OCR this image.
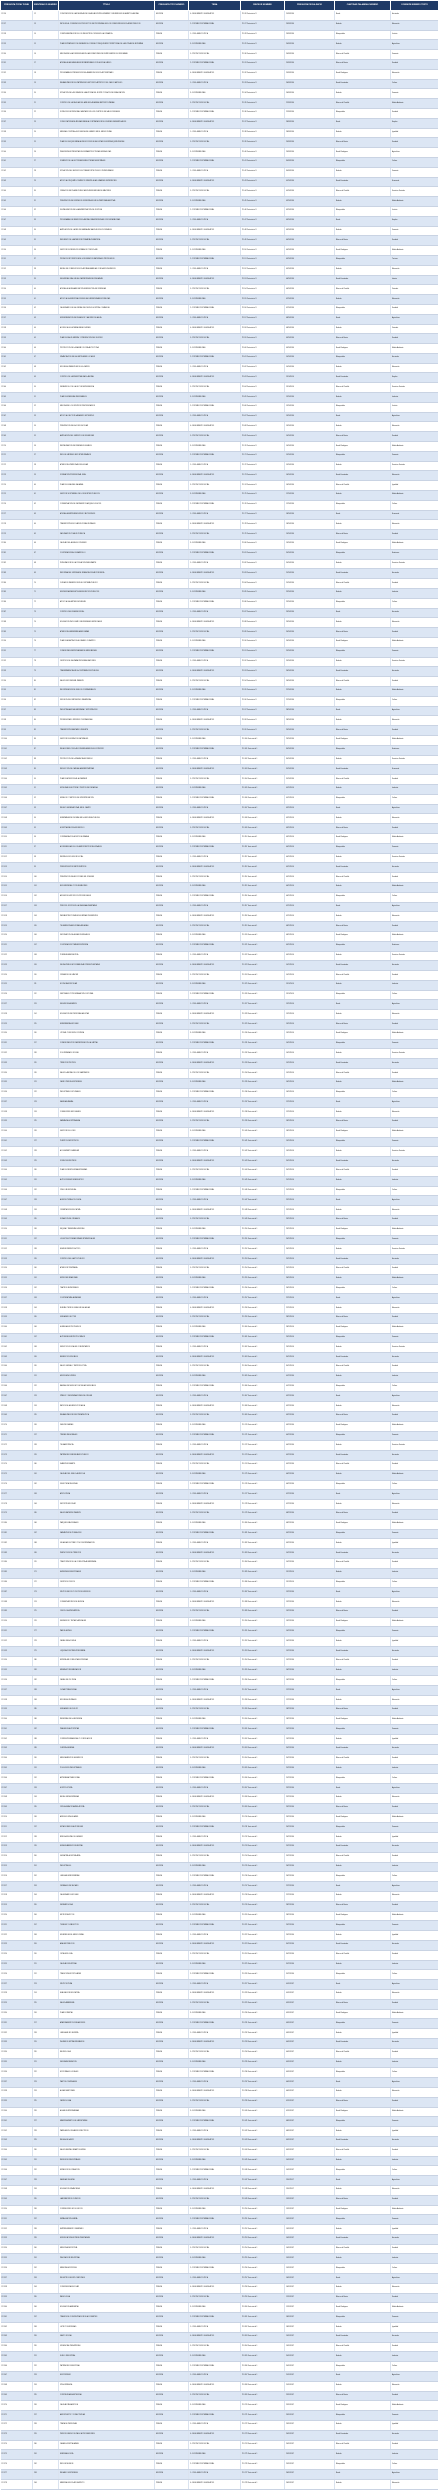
PREGUNTA PCPAV FUSIB	IDENTIDAD ID NUMERO	TÍTULO	PREGUNTA TIPO NUMERO	TEMA	REVISOR NOMBRE	PREGUNTA FECHA INICIO	CANTIDAD PALABRAS NÚMERO	COMISIÓN NÚMERO TEXTO
PC-26	12	CONCRECION DE LAS MEDIDAS DE IGUALDAD ENTRE HOMBRES Y MUJERES EN EL AMBITO LABORAL	ESCRITA	4 - SEGUIMIENTO LEGISLATIVO	PC-26 Texto inicial 1	21/09/2016	Barak	Hacienda
PC-27	13	IMPULSO AL CONSUMO DE PRODUCTOS DE PROXIMIDAD EN LOS COMEDORES ESCOLARES PUBLICOS	ESCRITA	2 - PORTAVOZ INTERNACIONAL	PC-27 Texto inicial 1	23/09/2016	Bolardo	Educación
PC-28	14	COMPLEMENTACION DE LOS REGISTROS CIVILES EN LA COMARCA	PREVIA	1 - CDIG-EEN-POLITICA	PC-28 Texto inicial 1	23/09/2016	Blanquelabo	Justicia
PC-29	15	PLAN ESTRATEGICO DE DESARROLLO RURAL Y REEQUILIBRIO TERRITORIAL DE LAS ZONAS DE MONTAÑA	ESCRITA	3 - SOSTENIBILIDAD	PC-29 Texto inicial 1	24/09/2016	Bolardo	Agricultura
PC-30	16	MEJORA DE LA ACCESIBILIDAD EN LAS ESTACIONES DE FERROCARRIL DE CERCANIAS	PREVIA	5 - PROTECCION SOCIAL	PC-30 Texto inicial 1	24/09/2016	Blanca del Castillo	Fomento
PC-31	17	AYUDAS A LAS FAMILIAS MONOPARENTALES CON HIJOS A CARGO	ESCRITA	2 - PORTAVOZ INTERNACIONAL	PC-31 Texto inicial 1	25/09/2016	Blanca de Barrio	Sanidad
PC-32	18	PROGRAMA DE PREVENCION DEL ABANDONO ESCOLAR TEMPRANO	PREVIA	4 - SEGUIMIENTO LEGISLATIVO	PC-32 Texto inicial 1	25/09/2016	Barak Rodriguez	Educación
PC-33	19	REHABILITACION DEL PATRIMONIO HISTORICO ARTISTICO DEL CASCO ANTIGUO	ESCRITA	1 - CDIG-EEN-POLITICA	PC-33 Texto inicial 1	26/09/2016	Barak Fernández	Cultura
PC-34	20	SITUACION DE LAS OBRAS DE LA AUTOVIA DEL NORTE Y PLAZOS DE FINALIZACION	PREVIA	3 - SOSTENIBILIDAD	PC-34 Texto inicial 1	26/09/2016	Bolardo	Fomento
PC-35	21	CONTROL DE LA CALIDAD DEL AIRE EN LAS AREAS METROPOLITANAS	ESCRITA	5 - PROTECCION SOCIAL	PC-35 Texto inicial 1	27/09/2016	Blanca del Castillo	Medio Ambiente
PC-36	22	DOTACION DE PERSONAL SANITARIO EN LOS CENTROS DE SALUD RURALES	PREVIA	2 - PORTAVOZ INTERNACIONAL	PC-36 Texto inicial 1	27/09/2016	Blanquelabo	Sanidad
PC-37	23	CONVOCATORIA DE AYUDAS PARA LA CONTRATACION DE JOVENES DESEMPLEADOS	ESCRITA	4 - SEGUIMIENTO LEGISLATIVO	PC-37 Texto inicial 1	28/09/2016	Barak	Empleo
PC-38	24	MEDIDAS CONTRA LA VIOLENCIA DE GENERO EN EL MEDIO RURAL	PREVIA	1 - CDIG-EEN-POLITICA	PC-38 Texto inicial 1	28/09/2016	Bolardo	Igualdad
PC-39	25	PLAN DE CHOQUE PARA LA REDUCCION DE LAS LISTAS DE ESPERA QUIRURGICAS	ESCRITA	5 - PROTECCION SOCIAL	PC-39 Texto inicial 1	29/09/2016	Blanca de Barrio	Sanidad
PC-40	26	INVERSIONES PREVISTAS EN INFRAESTRUCTURAS HIDRAULICAS	PREVIA	3 - SOSTENIBILIDAD	PC-40 Texto inicial 1	29/09/2016	Barak Rodriguez	Agricultura
PC-41	27	FOMENTO DE LA LECTURA EN BIBLIOTECAS MUNICIPALES	ESCRITA	2 - PORTAVOZ INTERNACIONAL	PC-41 Texto inicial 1	30/09/2016	Blanquelabo	Cultura
PC-42	28	SITUACION DEL SERVICIO DE TRANSPORTE PUBLICO INTERURBANO	PREVIA	1 - CDIG-EEN-POLITICA	PC-42 Texto inicial 1	30/09/2016	Bolardo	Fomento
PC-43	29	APOYO AL PEQUEÑO COMERCIO FRENTE A LAS GRANDES SUPERFICIES	ESCRITA	4 - SEGUIMIENTO LEGISLATIVO	PC-43 Texto inicial 1	01/10/2016	Barak Fernández	Economía
PC-44	30	CREACION DE PLAZAS PUBLICAS EN RESIDENCIAS DE MAYORES	PREVIA	5 - PROTECCION SOCIAL	PC-44 Texto inicial 1	01/10/2016	Blanca del Castillo	Servicios Sociales
PC-45	31	PREVENCION DE INCENDIOS FORESTALES EN LA TEMPORADA ESTIVAL	ESCRITA	3 - SOSTENIBILIDAD	PC-45 Texto inicial 1	02/10/2016	Bolardo	Medio Ambiente
PC-46	32	DIGITALIZACION DE LA ADMINISTRACION DE JUSTICIA	PREVIA	2 - PORTAVOZ INTERNACIONAL	PC-46 Texto inicial 1	02/10/2016	Blanquelabo	Justicia
PC-47	33	PROGRAMAS DE INSERCION LABORAL PARA PERSONAS CON DISCAPACIDAD	ESCRITA	1 - CDIG-EEN-POLITICA	PC-47 Texto inicial 1	03/10/2016	Barak	Empleo
PC-48	34	AMPLIACION DE LA RED DE BANDA ANCHA EN NUCLEOS RURALES	PREVIA	4 - SEGUIMIENTO LEGISLATIVO	PC-48 Texto inicial 1	03/10/2016	Bolardo	Fomento
PC-49	35	REFUERZO DE LA ATENCION PRIMARIA PEDIATRICA	ESCRITA	5 - PROTECCION SOCIAL	PC-49 Texto inicial 1	04/10/2016	Blanca de Barrio	Sanidad
PC-50	36	GESTION DE RESIDUOS URBANOS Y RECICLAJE	PREVIA	3 - SOSTENIBILIDAD	PC-50 Texto inicial 1	04/10/2016	Barak Rodriguez	Medio Ambiente
PC-51	37	PROMOCION TURISTICA DE LOS ESPACIOS NATURALES PROTEGIDOS	ESCRITA	2 - PORTAVOZ INTERNACIONAL	PC-51 Texto inicial 1	05/10/2016	Blanquelabo	Turismo
PC-52	38	BECAS DE COMEDOR ESCOLAR PARA FAMILIAS CON BAJOS INGRESOS	PREVIA	1 - CDIG-EEN-POLITICA	PC-52 Texto inicial 1	05/10/2016	Bolardo	Educación
PC-53	39	SEGURIDAD VIAL EN LAS CARRETERAS SECUNDARIAS	ESCRITA	4 - SEGUIMIENTO LEGISLATIVO	PC-53 Texto inicial 1	06/10/2016	Barak Fernández	Interior
PC-54	40	AYUDAS A LA REHABILITACION ENERGETICA DE VIVIENDAS	PREVIA	5 - PROTECCION SOCIAL	PC-54 Texto inicial 1	06/10/2016	Blanca del Castillo	Vivienda
PC-55	41	APOYO A LA INVESTIGACION EN LAS UNIVERSIDADES PUBLICAS	ESCRITA	3 - SOSTENIBILIDAD	PC-55 Texto inicial 1	07/10/2016	Bolardo	Educación
PC-56	42	CALENDARIO DE LAS OBRAS DEL NUEVO HOSPITAL COMARCAL	PREVIA	2 - PORTAVOZ INTERNACIONAL	PC-56 Texto inicial 1	07/10/2016	Blanquelabo	Sanidad
PC-57	43	MODERNIZACION DE REGADIOS Y AHORRO DE AGUA	ESCRITA	1 - CDIG-EEN-POLITICA	PC-57 Texto inicial 1	08/10/2016	Barak	Agricultura
PC-58	44	ACCESO A LA VIVIENDA PARA JOVENES	PREVIA	4 - SEGUIMIENTO LEGISLATIVO	PC-58 Texto inicial 1	08/10/2016	Bolardo	Vivienda
PC-59	45	PLAN DE SALUD MENTAL Y PREVENCION DEL SUICIDIO	ESCRITA	5 - PROTECCION SOCIAL	PC-59 Texto inicial 1	09/10/2016	Blanca de Barrio	Sanidad
PC-60	46	PROTECCION DE LA FAUNA Y FLORA AUTOCTONA	PREVIA	3 - SOSTENIBILIDAD	PC-60 Texto inicial 1	09/10/2016	Barak Rodriguez	Medio Ambiente
PC-61	47	FINANCIACION DE LAS ENTIDADES LOCALES	ESCRITA	2 - PORTAVOZ INTERNACIONAL	PC-61 Texto inicial 1	10/10/2016	Blanquelabo	Hacienda
PC-62	48	ESCUELAS INFANTILES DE 0 A 3 AÑOS	PREVIA	1 - CDIG-EEN-POLITICA	PC-62 Texto inicial 1	10/10/2016	Bolardo	Educación
PC-63	49	CONTROL DE LA SINIESTRALIDAD LABORAL	ESCRITA	4 - SEGUIMIENTO LEGISLATIVO	PC-63 Texto inicial 1	11/10/2016	Barak Fernández	Empleo
PC-64	50	DESARROLLO DE LA LEY DE DEPENDENCIA	PREVIA	5 - PROTECCION SOCIAL	PC-64 Texto inicial 1	11/10/2016	Blanca del Castillo	Servicios Sociales
PC-65	51	PLAN DE ENERGIAS RENOVABLES	ESCRITA	3 - SOSTENIBILIDAD	PC-65 Texto inicial 1	12/10/2016	Bolardo	Industria
PC-66	52	MEJORA DE LOS CENTROS PENITENCIARIOS	PREVIA	2 - PORTAVOZ INTERNACIONAL	PC-66 Texto inicial 1	12/10/2016	Blanquelabo	Justicia
PC-67	53	APOYO AL SECTOR GANADERO EXTENSIVO	ESCRITA	1 - CDIG-EEN-POLITICA	PC-67 Texto inicial 1	13/10/2016	Barak	Agricultura
PC-68	54	PREVENCION DEL ACOSO ESCOLAR	PREVIA	4 - SEGUIMIENTO LEGISLATIVO	PC-68 Texto inicial 1	13/10/2016	Bolardo	Educación
PC-69	55	AMPLIACION DEL SERVICIO DE URGENCIAS	ESCRITA	5 - PROTECCION SOCIAL	PC-69 Texto inicial 1	14/10/2016	Blanca de Barrio	Sanidad
PC-70	56	RESTAURACION DE RIBERAS FLUVIALES	PREVIA	3 - SOSTENIBILIDAD	PC-70 Texto inicial 1	14/10/2016	Barak Rodriguez	Medio Ambiente
PC-71	57	RED DE CARRILES BICI INTERURBANOS	ESCRITA	2 - PORTAVOZ INTERNACIONAL	PC-71 Texto inicial 1	15/10/2016	Blanquelabo	Fomento
PC-72	58	ATENCION A PERSONAS SIN HOGAR	PREVIA	1 - CDIG-EEN-POLITICA	PC-72 Texto inicial 1	15/10/2016	Bolardo	Servicios Sociales
PC-73	59	FORMACION PROFESIONAL DUAL	ESCRITA	4 - SEGUIMIENTO LEGISLATIVO	PC-73 Texto inicial 1	16/10/2016	Barak Fernández	Educación
PC-74	60	PLAN DE IGUALDAD SALARIAL	PREVIA	5 - PROTECCION SOCIAL	PC-74 Texto inicial 1	16/10/2016	Blanca del Castillo	Igualdad
PC-75	61	GESTION SOSTENIBLE DE LOS MONTES PUBLICOS	ESCRITA	3 - SOSTENIBILIDAD	PC-75 Texto inicial 1	17/10/2016	Bolardo	Medio Ambiente
PC-76	62	CONSERVACION DE YACIMIENTOS ARQUEOLOGICOS	PREVIA	2 - PORTAVOZ INTERNACIONAL	PC-76 Texto inicial 1	17/10/2016	Blanquelabo	Cultura
PC-77	63	AYUDAS A EMPRENDEDORES Y AUTONOMOS	ESCRITA	1 - CDIG-EEN-POLITICA	PC-77 Texto inicial 1	18/10/2016	Barak	Economía
PC-78	64	TRANSPORTE ESCOLAR EN ZONAS RURALES	PREVIA	4 - SEGUIMIENTO LEGISLATIVO	PC-78 Texto inicial 1	18/10/2016	Bolardo	Educación
PC-79	65	VACUNACION Y SALUD PUBLICA	ESCRITA	5 - PROTECCION SOCIAL	PC-79 Texto inicial 1	19/10/2016	Blanca de Barrio	Sanidad
PC-80	66	CALIDAD DEL AGUA DE CONSUMO	PREVIA	3 - SOSTENIBILIDAD	PC-80 Texto inicial 1	19/10/2016	Barak Rodriguez	Medio Ambiente
PC-81	67	COOPERACION AL DESARROLLO	ESCRITA	2 - PORTAVOZ INTERNACIONAL	PC-81 Texto inicial 1	20/10/2016	Blanquelabo	Exteriores
PC-82	68	INTEGRACION DE LA POBLACION INMIGRANTE	PREVIA	1 - CDIG-EEN-POLITICA	PC-82 Texto inicial 1	20/10/2016	Bolardo	Servicios Sociales
PC-83	69	REFORMA DEL SISTEMA DE FINANCIACION AUTONOMICA	ESCRITA	4 - SEGUIMIENTO LEGISLATIVO	PC-83 Texto inicial 1	21/10/2016	Barak Fernández	Hacienda
PC-84	70	CUIDADOS PALIATIVOS EN EL SISTEMA PUBLICO	PREVIA	5 - PROTECCION SOCIAL	PC-84 Texto inicial 1	21/10/2016	Blanca del Castillo	Sanidad
PC-85	71	EFICIENCIA ENERGETICA EN EDIFICIOS PUBLICOS	ESCRITA	3 - SOSTENIBILIDAD	PC-85 Texto inicial 1	22/10/2016	Bolardo	Industria
PC-86	72	APOYO A LAS ARTES ESCENICAS	PREVIA	2 - PORTAVOZ INTERNACIONAL	PC-86 Texto inicial 1	22/10/2016	Blanquelabo	Cultura
PC-87	73	CONTROL DEL FRAUDE FISCAL	ESCRITA	1 - CDIG-EEN-POLITICA	PC-87 Texto inicial 1	23/10/2016	Barak	Hacienda
PC-88	74	EDUCACION INCLUSIVA Y NECESIDADES ESPECIALES	PREVIA	4 - SEGUIMIENTO LEGISLATIVO	PC-88 Texto inicial 1	23/10/2016	Bolardo	Educación
PC-89	75	ATENCION A ENFERMEDADES RARAS	ESCRITA	5 - PROTECCION SOCIAL	PC-89 Texto inicial 1	24/10/2016	Blanca de Barrio	Sanidad
PC-90	76	PLAN DE ADAPTACION AL CAMBIO CLIMATICO	PREVIA	3 - SOSTENIBILIDAD	PC-90 Texto inicial 1	24/10/2016	Barak Rodriguez	Medio Ambiente
PC-91	77	CONEXIONES FERROVIARIAS DE MERCANCIAS	ESCRITA	2 - PORTAVOZ INTERNACIONAL	PC-91 Texto inicial 1	25/10/2016	Blanquelabo	Fomento
PC-92	78	CENTROS DE DIA PARA PERSONAS MAYORES	PREVIA	1 - CDIG-EEN-POLITICA	PC-92 Texto inicial 1	25/10/2016	Bolardo	Servicios Sociales
PC-93	79	TRANSPARENCIA EN LA CONTRATACION PUBLICA	ESCRITA	4 - SEGUIMIENTO LEGISLATIVO	PC-93 Texto inicial 1	26/10/2016	Barak Fernández	Hacienda
PC-94	80	SALUD BUCODENTAL INFANTIL	PREVIA	5 - PROTECCION SOCIAL	PC-94 Texto inicial 1	26/10/2016	Blanca del Castillo	Sanidad
PC-95	81	RECUPERACION DE SUELOS CONTAMINADOS	ESCRITA	3 - SOSTENIBILIDAD	PC-95 Texto inicial 1	27/10/2016	Bolardo	Medio Ambiente
PC-96	82	DIFUSION DEL PATRIMONIO INMATERIAL	PREVIA	2 - PORTAVOZ INTERNACIONAL	PC-96 Texto inicial 1	27/10/2016	Blanquelabo	Cultura
PC-97	83	INDUSTRIA AGROALIMENTARIA Y EXPORTACION	ESCRITA	1 - CDIG-EEN-POLITICA	PC-97 Texto inicial 1	28/10/2016	Barak	Agricultura
PC-98	84	PROFESORADO INTERINO Y ESTABILIDAD	PREVIA	4 - SEGUIMIENTO LEGISLATIVO	PC-98 Texto inicial 1	28/10/2016	Bolardo	Educación
PC-99	85	TRANSPORTE SANITARIO URGENTE	ESCRITA	5 - PROTECCION SOCIAL	PC-99 Texto inicial 1	29/10/2016	Blanca de Barrio	Sanidad
PC-100	86	GESTION DE ESPACIOS NATURALES	PREVIA	3 - SOSTENIBILIDAD	PC-100 Texto inicial 1	29/10/2016	Barak Rodriguez	Medio Ambiente
PC-101	87	RELACIONES CON LAS COMUNIDADES EN EL EXTERIOR	ESCRITA	2 - PORTAVOZ INTERNACIONAL	PC-101 Texto inicial 1	30/10/2016	Blanquelabo	Exteriores
PC-102	88	PROTECCION DE LA INFANCIA EN RIESGO	PREVIA	1 - CDIG-EEN-POLITICA	PC-102 Texto inicial 1	30/10/2016	Bolardo	Servicios Sociales
PC-103	89	REDUCCION DE CARGAS ADMINISTRATIVAS	ESCRITA	4 - SEGUIMIENTO LEGISLATIVO	PC-103 Texto inicial 1	31/10/2016	Barak Fernández	Economía
PC-104	90	PLAN DE ATENCION AL ALZHEIMER	PREVIA	5 - PROTECCION SOCIAL	PC-104 Texto inicial 1	31/10/2016	Blanca del Castillo	Sanidad
PC-105	91	MOVILIDAD ELECTRICA Y PUNTOS DE RECARGA	ESCRITA	3 - SOSTENIBILIDAD	PC-105 Texto inicial 1	01/11/2016	Bolardo	Industria
PC-106	92	MUSEOS Y CENTROS DE INTERPRETACION	PREVIA	2 - PORTAVOZ INTERNACIONAL	PC-106 Texto inicial 1	01/11/2016	Blanquelabo	Cultura
PC-107	93	RELEVO GENERACIONAL EN EL CAMPO	ESCRITA	1 - CDIG-EEN-POLITICA	PC-107 Texto inicial 1	02/11/2016	Barak	Agricultura
PC-108	94	ENSEÑANZA DE IDIOMAS EN LA ESCUELA PUBLICA	PREVIA	4 - SEGUIMIENTO LEGISLATIVO	PC-108 Texto inicial 1	02/11/2016	Bolardo	Educación
PC-109	95	HOSPITALIZACION A DOMICILIO	ESCRITA	5 - PROTECCION SOCIAL	PC-109 Texto inicial 1	03/11/2016	Blanca de Barrio	Sanidad
PC-110	96	CONTAMINACION ACUSTICA URBANA	PREVIA	3 - SOSTENIBILIDAD	PC-110 Texto inicial 1	03/11/2016	Barak Rodriguez	Medio Ambiente
PC-111	97	ACCESIBILIDAD DE LOS AEROPUERTOS REGIONALES	ESCRITA	2 - PORTAVOZ INTERNACIONAL	PC-111 Texto inicial 1	04/11/2016	Blanquelabo	Fomento
PC-112	98	RENTA DE INCLUSION SOCIAL	PREVIA	1 - CDIG-EEN-POLITICA	PC-112 Texto inicial 1	04/11/2016	Bolardo	Servicios Sociales
PC-113	99	PRESUPUESTOS PARTICIPATIVOS	ESCRITA	4 - SEGUIMIENTO LEGISLATIVO	PC-113 Texto inicial 1	05/11/2016	Barak Fernández	Hacienda
PC-114	100	PREVENCION DE ADICCIONES EN JOVENES	PREVIA	5 - PROTECCION SOCIAL	PC-114 Texto inicial 1	05/11/2016	Blanca del Castillo	Sanidad
PC-115	101	BIODIVERSIDAD Y POLINIZADORES	ESCRITA	3 - SOSTENIBILIDAD	PC-115 Texto inicial 1	06/11/2016	Bolardo	Medio Ambiente
PC-116	102	ARCHIVOS HISTORICOS PROVINCIALES	PREVIA	2 - PORTAVOZ INTERNACIONAL	PC-116 Texto inicial 1	06/11/2016	Blanquelabo	Cultura
PC-117	103	PRECIOS JUSTOS EN LA CADENA ALIMENTARIA	ESCRITA	1 - CDIG-EEN-POLITICA	PC-117 Texto inicial 1	07/11/2016	Barak	Agricultura
PC-118	104	INFRAESTRUCTURAS EDUCATIVAS PENDIENTES	PREVIA	4 - SEGUIMIENTO LEGISLATIVO	PC-118 Texto inicial 1	07/11/2016	Bolardo	Educación
PC-119	105	TELEMEDICINA EN ZONAS AISLADAS	ESCRITA	5 - PROTECCION SOCIAL	PC-119 Texto inicial 1	08/11/2016	Blanca de Barrio	Sanidad
PC-120	106	DEPURACION DE AGUAS RESIDUALES	PREVIA	3 - SOSTENIBILIDAD	PC-120 Texto inicial 1	08/11/2016	Barak Rodriguez	Medio Ambiente
PC-121	107	COOPERACION TRANSFRONTERIZA	ESCRITA	2 - PORTAVOZ INTERNACIONAL	PC-121 Texto inicial 1	09/11/2016	Blanquelabo	Exteriores
PC-122	108	POBREZA ENERGETICA	PREVIA	1 - CDIG-EEN-POLITICA	PC-122 Texto inicial 1	09/11/2016	Bolardo	Servicios Sociales
PC-123	109	DEUDA PUBLICA Y ESTABILIDAD PRESUPUESTARIA	ESCRITA	4 - SEGUIMIENTO LEGISLATIVO	PC-123 Texto inicial 1	10/11/2016	Barak Fernández	Hacienda
PC-124	110	CRIBADOS DE CANCER	PREVIA	5 - PROTECCION SOCIAL	PC-124 Texto inicial 1	10/11/2016	Blanca del Castillo	Sanidad
PC-125	111	ECONOMIA CIRCULAR	ESCRITA	3 - SOSTENIBILIDAD	PC-125 Texto inicial 1	11/11/2016	Bolardo	Industria
PC-126	112	FESTIVALES Y PROGRAMACION CULTURAL	PREVIA	2 - PORTAVOZ INTERNACIONAL	PC-126 Texto inicial 1	11/11/2016	Blanquelabo	Cultura
PC-127	113	SEGUROS AGRARIOS	ESCRITA	1 - CDIG-EEN-POLITICA	PC-127 Texto inicial 1	12/11/2016	Barak	Agricultura
PC-128	114	EDUCACION DE PERSONAS ADULTAS	PREVIA	4 - SEGUIMIENTO LEGISLATIVO	PC-128 Texto inicial 1	12/11/2016	Bolardo	Educación
PC-129	115	ENFERMERIA ESCOLAR	ESCRITA	5 - PROTECCION SOCIAL	PC-129 Texto inicial 1	13/11/2016	Blanca de Barrio	Sanidad
PC-130	116	LITORAL Y EROSION COSTERA	PREVIA	3 - SOSTENIBILIDAD	PC-130 Texto inicial 1	13/11/2016	Barak Rodriguez	Medio Ambiente
PC-131	117	CONEXIONES POR CARRETERA CON LA CAPITAL	ESCRITA	2 - PORTAVOZ INTERNACIONAL	PC-131 Texto inicial 1	14/11/2016	Blanquelabo	Fomento
PC-132	118	VOLUNTARIADO SOCIAL	PREVIA	1 - CDIG-EEN-POLITICA	PC-132 Texto inicial 1	14/11/2016	Bolardo	Servicios Sociales
PC-133	119	TRIBUTOS PROPIOS	ESCRITA	4 - SEGUIMIENTO LEGISLATIVO	PC-133 Texto inicial 1	15/11/2016	Barak Fernández	Hacienda
PC-134	120	SALUD LABORAL DE LOS SANITARIOS	PREVIA	5 - PROTECCION SOCIAL	PC-134 Texto inicial 1	15/11/2016	Blanca del Castillo	Sanidad
PC-135	121	CAZA Y PESCA SOSTENIBLE	ESCRITA	3 - SOSTENIBILIDAD	PC-135 Texto inicial 1	16/11/2016	Bolardo	Medio Ambiente
PC-136	122	INDUSTRIAS CULTURALES	PREVIA	2 - PORTAVOZ INTERNACIONAL	PC-136 Texto inicial 1	16/11/2016	Blanquelabo	Cultura
PC-137	123	SANIDAD ANIMAL	ESCRITA	1 - CDIG-EEN-POLITICA	PC-137 Texto inicial 1	17/11/2016	Barak	Agricultura
PC-138	124	COMEDORES ESCOLARES	PREVIA	4 - SEGUIMIENTO LEGISLATIVO	PC-138 Texto inicial 1	17/11/2016	Bolardo	Educación
PC-139	125	FARMACIA HOSPITALARIA	ESCRITA	5 - PROTECCION SOCIAL	PC-139 Texto inicial 1	18/11/2016	Blanca de Barrio	Sanidad
PC-140	126	GESTION DEL LOBO	PREVIA	3 - SOSTENIBILIDAD	PC-140 Texto inicial 1	18/11/2016	Barak Rodriguez	Medio Ambiente
PC-141	127	PUERTOS DEPORTIVOS	ESCRITA	2 - PORTAVOZ INTERNACIONAL	PC-141 Texto inicial 1	19/11/2016	Blanquelabo	Fomento
PC-142	128	ACOGIMIENTO FAMILIAR	PREVIA	1 - CDIG-EEN-POLITICA	PC-142 Texto inicial 1	19/11/2016	Bolardo	Servicios Sociales
PC-143	129	FONDOS EUROPEOS	ESCRITA	4 - SEGUIMIENTO LEGISLATIVO	PC-143 Texto inicial 1	20/11/2016	Barak Fernández	Hacienda
PC-144	130	PLAN DE RESPUESTA A EPIDEMIAS	PREVIA	5 - PROTECCION SOCIAL	PC-144 Texto inicial 1	20/11/2016	Blanca del Castillo	Sanidad
PC-145	131	AUTOCONSUMO ENERGETICO	ESCRITA	3 - SOSTENIBILIDAD	PC-145 Texto inicial 1	21/11/2016	Bolardo	Industria
PC-146	132	CINE Y AUDIOVISUAL	PREVIA	2 - PORTAVOZ INTERNACIONAL	PC-146 Texto inicial 1	21/11/2016	Blanquelabo	Cultura
PC-147	133	AGRICULTURA ECOLOGICA	ESCRITA	1 - CDIG-EEN-POLITICA	PC-147 Texto inicial 1	22/11/2016	Barak	Agricultura
PC-148	134	ORIENTACION EDUCATIVA	PREVIA	4 - SEGUIMIENTO LEGISLATIVO	PC-148 Texto inicial 1	22/11/2016	Bolardo	Educación
PC-149	135	DONACION DE ORGANOS	ESCRITA	5 - PROTECCION SOCIAL	PC-149 Texto inicial 1	23/11/2016	Blanca de Barrio	Sanidad
PC-150	136	SEQUIA Y RESERVAS HIDRICAS	PREVIA	3 - SOSTENIBILIDAD	PC-150 Texto inicial 1	23/11/2016	Barak Rodriguez	Medio Ambiente
PC-151	137	LOGISTICA Y PLATAFORMAS INTERMODALES	ESCRITA	2 - PORTAVOZ INTERNACIONAL	PC-151 Texto inicial 1	24/11/2016	Blanquelabo	Fomento
PC-152	138	ENVEJECIMIENTO ACTIVO	PREVIA	1 - CDIG-EEN-POLITICA	PC-152 Texto inicial 1	24/11/2016	Bolardo	Servicios Sociales
PC-153	139	CONTROL DEL GASTO PUBLICO	ESCRITA	4 - SEGUIMIENTO LEGISLATIVO	PC-153 Texto inicial 1	25/11/2016	Barak Fernández	Hacienda
PC-154	140	ATENCION TEMPRANA	PREVIA	5 - PROTECCION SOCIAL	PC-154 Texto inicial 1	25/11/2016	Blanca del Castillo	Sanidad
PC-155	141	ESPECIES INVASORAS	ESCRITA	3 - SOSTENIBILIDAD	PC-155 Texto inicial 1	26/11/2016	Bolardo	Medio Ambiente
PC-156	142	TEATROS MUNICIPALES	PREVIA	2 - PORTAVOZ INTERNACIONAL	PC-156 Texto inicial 1	26/11/2016	Blanquelabo	Cultura
PC-157	143	COOPERATIVAS AGRARIAS	ESCRITA	1 - CDIG-EEN-POLITICA	PC-157 Texto inicial 1	27/11/2016	Barak	Agricultura
PC-158	144	NUEVAS TECNOLOGIAS EN LAS AULAS	PREVIA	4 - SEGUIMIENTO LEGISLATIVO	PC-158 Texto inicial 1	27/11/2016	Bolardo	Educación
PC-159	145	UNIDADES DE ICTUS	ESCRITA	5 - PROTECCION SOCIAL	PC-159 Texto inicial 1	28/11/2016	Blanca de Barrio	Sanidad
PC-160	146	HUMEDALES PROTEGIDOS	PREVIA	3 - SOSTENIBILIDAD	PC-160 Texto inicial 1	28/11/2016	Barak Rodriguez	Medio Ambiente
PC-161	147	AUTOBUSES METROPOLITANOS	ESCRITA	2 - PORTAVOZ INTERNACIONAL	PC-161 Texto inicial 1	29/11/2016	Blanquelabo	Fomento
PC-162	148	SERVICIOS SOCIALES COMUNITARIOS	PREVIA	1 - CDIG-EEN-POLITICA	PC-162 Texto inicial 1	29/11/2016	Bolardo	Servicios Sociales
PC-163	149	BENEFICIOS FISCALES	ESCRITA	4 - SEGUIMIENTO LEGISLATIVO	PC-163 Texto inicial 1	30/11/2016	Barak Fernández	Hacienda
PC-164	150	SALUD SEXUAL Y REPRODUCTIVA	PREVIA	5 - PROTECCION SOCIAL	PC-164 Texto inicial 1	30/11/2016	Blanca del Castillo	Sanidad
PC-165	151	HIDROGENO VERDE	ESCRITA	3 - SOSTENIBILIDAD	PC-165 Texto inicial 1	01/12/2016	Bolardo	Industria
PC-166	152	BANDAS DE MUSICA Y ESCUELAS MUSICALES	PREVIA	2 - PORTAVOZ INTERNACIONAL	PC-166 Texto inicial 1	01/12/2016	Blanquelabo	Cultura
PC-167	153	VIÑEDO Y DENOMINACIONES DE ORIGEN	ESCRITA	1 - CDIG-EEN-POLITICA	PC-167 Texto inicial 1	02/12/2016	Barak	Agricultura
PC-168	154	RATIOS DE ALUMNOS POR AULA	PREVIA	4 - SEGUIMIENTO LEGISLATIVO	PC-168 Texto inicial 1	02/12/2016	Bolardo	Educación
PC-169	155	REHABILITACION FISIOTERAPEUTICA	ESCRITA	5 - PROTECCION SOCIAL	PC-169 Texto inicial 1	03/12/2016	Blanca de Barrio	Sanidad
PC-170	156	VIAS PECUARIAS	PREVIA	3 - SOSTENIBILIDAD	PC-170 Texto inicial 1	03/12/2016	Barak Rodriguez	Medio Ambiente
PC-171	157	TRENES REGIONALES	ESCRITA	2 - PORTAVOZ INTERNACIONAL	PC-171 Texto inicial 1	04/12/2016	Blanquelabo	Fomento
PC-172	158	TELEASISTENCIA	PREVIA	1 - CDIG-EEN-POLITICA	PC-172 Texto inicial 1	04/12/2016	Bolardo	Servicios Sociales
PC-173	159	PATRIMONIO INMOBILIARIO PUBLICO	ESCRITA	4 - SEGUIMIENTO LEGISLATIVO	PC-173 Texto inicial 1	05/12/2016	Barak Fernández	Hacienda
PC-174	160	DIABETES INFANTIL	PREVIA	5 - PROTECCION SOCIAL	PC-174 Texto inicial 1	05/12/2016	Blanca del Castillo	Sanidad
PC-175	161	CALIDAD DEL SUELO AGRICOLA	ESCRITA	3 - SOSTENIBILIDAD	PC-175 Texto inicial 1	06/12/2016	Bolardo	Medio Ambiente
PC-176	162	FILMOTECA REGIONAL	PREVIA	2 - PORTAVOZ INTERNACIONAL	PC-176 Texto inicial 1	06/12/2016	Blanquelabo	Cultura
PC-177	163	APICULTURA	ESCRITA	1 - CDIG-EEN-POLITICA	PC-177 Texto inicial 1	07/12/2016	Barak	Agricultura
PC-178	164	DEPORTE ESCOLAR	PREVIA	4 - SEGUIMIENTO LEGISLATIVO	PC-178 Texto inicial 1	07/12/2016	Bolardo	Educación
PC-179	165	SALUD MATERNO INFANTIL	ESCRITA	5 - PROTECCION SOCIAL	PC-179 Texto inicial 1	08/12/2016	Blanca de Barrio	Sanidad
PC-180	166	PARQUES NACIONALES	PREVIA	3 - SOSTENIBILIDAD	PC-180 Texto inicial 1	08/12/2016	Barak Rodriguez	Medio Ambiente
PC-181	167	VARIANTES DE POBLACION	ESCRITA	2 - PORTAVOZ INTERNACIONAL	PC-181 Texto inicial 1	09/12/2016	Blanquelabo	Fomento
PC-182	168	IGUALDAD DE TRATO Y NO DISCRIMINACION	PREVIA	1 - CDIG-EEN-POLITICA	PC-182 Texto inicial 1	09/12/2016	Bolardo	Igualdad
PC-183	169	INSPECCION DE TRIBUTOS	ESCRITA	4 - SEGUIMIENTO LEGISLATIVO	PC-183 Texto inicial 1	10/12/2016	Barak Fernández	Hacienda
PC-184	170	TRASTORNOS DE LA CONDUCTA ALIMENTARIA	PREVIA	5 - PROTECCION SOCIAL	PC-184 Texto inicial 1	10/12/2016	Blanca del Castillo	Sanidad
PC-185	171	EMISIONES INDUSTRIALES	ESCRITA	3 - SOSTENIBILIDAD	PC-185 Texto inicial 1	11/12/2016	Bolardo	Industria
PC-186	172	CENTROS CIVICOS	PREVIA	2 - PORTAVOZ INTERNACIONAL	PC-186 Texto inicial 1	11/12/2016	Blanquelabo	Cultura
PC-187	173	FRUTOS SECOS Y CULTIVOS LEÑOSOS	ESCRITA	1 - CDIG-EEN-POLITICA	PC-187 Texto inicial 1	12/12/2016	Barak	Agricultura
PC-188	174	CONSERVATORIOS DE MUSICA	PREVIA	4 - SEGUIMIENTO LEGISLATIVO	PC-188 Texto inicial 1	12/12/2016	Bolardo	Educación
PC-189	175	ONCOLOGIA PEDIATRICA	ESCRITA	5 - PROTECCION SOCIAL	PC-189 Texto inicial 1	13/12/2016	Blanca de Barrio	Sanidad
PC-190	176	SENDEROS Y RUTAS NATURALES	PREVIA	3 - SOSTENIBILIDAD	PC-190 Texto inicial 1	13/12/2016	Barak Rodriguez	Medio Ambiente
PC-191	177	PASOS A NIVEL	ESCRITA	2 - PORTAVOZ INTERNACIONAL	PC-191 Texto inicial 1	14/12/2016	Blanquelabo	Fomento
PC-192	178	CASAS DE ACOGIDA	PREVIA	1 - CDIG-EEN-POLITICA	PC-192 Texto inicial 1	14/12/2016	Bolardo	Igualdad
PC-193	179	LIQUIDACION PRESUPUESTARIA	ESCRITA	4 - SEGUIMIENTO LEGISLATIVO	PC-193 Texto inicial 1	15/12/2016	Barak Fernández	Hacienda
PC-194	180	ESPERA EN CONSULTAS EXTERNAS	PREVIA	5 - PROTECCION SOCIAL	PC-194 Texto inicial 1	15/12/2016	Blanca del Castillo	Sanidad
PC-195	181	MINERIA Y RESTAURACION	ESCRITA	3 - SOSTENIBILIDAD	PC-195 Texto inicial 1	16/12/2016	Bolardo	Industria
PC-196	182	CASAS DE CULTURA	PREVIA	2 - PORTAVOZ INTERNACIONAL	PC-196 Texto inicial 1	16/12/2016	Blanquelabo	Cultura
PC-197	183	OLIVAR TRADICIONAL	ESCRITA	1 - CDIG-EEN-POLITICA	PC-197 Texto inicial 1	17/12/2016	Barak	Agricultura
PC-198	184	ESCUELAS RURALES	PREVIA	4 - SEGUIMIENTO LEGISLATIVO	PC-198 Texto inicial 1	17/12/2016	Bolardo	Educación
PC-199	185	UNIDADES DEL DOLOR	ESCRITA	5 - PROTECCION SOCIAL	PC-199 Texto inicial 1	18/12/2016	Blanca de Barrio	Sanidad
PC-200	186	RESERVAS DE LA BIOSFERA	PREVIA	3 - SOSTENIBILIDAD	PC-200 Texto inicial 1	18/12/2016	Barak Rodriguez	Medio Ambiente
PC-201	187	PEAJES EN AUTOPISTAS	ESCRITA	2 - PORTAVOZ INTERNACIONAL	PC-201 Texto inicial 1	19/12/2016	Blanquelabo	Fomento
PC-202	188	CORRESPONSABILIDAD Y CONCILIACION	PREVIA	1 - CDIG-EEN-POLITICA	PC-202 Texto inicial 1	19/12/2016	Bolardo	Igualdad
PC-203	189	CUENTA GENERAL	ESCRITA	4 - SEGUIMIENTO LEGISLATIVO	PC-203 Texto inicial 1	20/12/2016	Barak Fernández	Hacienda
PC-204	190	MEDICAMENTOS GENERICOS	PREVIA	5 - PROTECCION SOCIAL	PC-204 Texto inicial 1	20/12/2016	Blanca del Castillo	Sanidad
PC-205	191	POLIGONOS INDUSTRIALES	ESCRITA	3 - SOSTENIBILIDAD	PC-205 Texto inicial 1	21/12/2016	Bolardo	Industria
PC-206	192	ARTESANIA TRADICIONAL	PREVIA	2 - PORTAVOZ INTERNACIONAL	PC-206 Texto inicial 1	21/12/2016	Blanquelabo	Cultura
PC-207	193	HORTICULTURA	ESCRITA	1 - CDIG-EEN-POLITICA	PC-207 Texto inicial 1	22/12/2016	Barak	Agricultura
PC-208	194	BECAS UNIVERSITARIAS	PREVIA	4 - SEGUIMIENTO LEGISLATIVO	PC-208 Texto inicial 1	22/12/2016	Bolardo	Educación
PC-209	195	CIRUGIA MAYOR AMBULATORIA	ESCRITA	5 - PROTECCION SOCIAL	PC-209 Texto inicial 1	23/12/2016	Blanca de Barrio	Sanidad
PC-210	196	ARBOLES SINGULARES	PREVIA	3 - SOSTENIBILIDAD	PC-210 Texto inicial 1	23/12/2016	Barak Rodriguez	Medio Ambiente
PC-211	197	ESTACIONES DE AUTOBUSES	ESCRITA	2 - PORTAVOZ INTERNACIONAL	PC-211 Texto inicial 1	24/12/2016	Blanquelabo	Fomento
PC-212	198	BRECHA DIGITAL DE GENERO	PREVIA	1 - CDIG-EEN-POLITICA	PC-212 Texto inicial 1	24/12/2016	Bolardo	Igualdad
PC-213	199	ENDEUDAMIENTO MUNICIPAL	ESCRITA	4 - SEGUIMIENTO LEGISLATIVO	PC-213 Texto inicial 1	25/12/2016	Barak Fernández	Hacienda
PC-214	200	GERIATRIA HOSPITALARIA	PREVIA	5 - PROTECCION SOCIAL	PC-214 Texto inicial 1	25/12/2016	Blanca del Castillo	Sanidad
PC-215	201	INDUSTRIA 4.0	ESCRITA	3 - SOSTENIBILIDAD	PC-215 Texto inicial 1	26/12/2016	Bolardo	Industria
PC-216	202	LENGUAS MINORITARIAS	PREVIA	2 - PORTAVOZ INTERNACIONAL	PC-216 Texto inicial 1	26/12/2016	Blanquelabo	Cultura
PC-217	203	CEREALES DE SECANO	ESCRITA	1 - CDIG-EEN-POLITICA	PC-217 Texto inicial 1	27/12/2016	Barak	Agricultura
PC-218	204	CALENDARIO ESCOLAR	PREVIA	4 - SEGUIMIENTO LEGISLATIVO	PC-218 Texto inicial 1	27/12/2016	Bolardo	Educación
PC-219	205	DERMATOLOGIA	ESCRITA	5 - PROTECCION SOCIAL	PC-219 Texto inicial 1	28/12/2016	Blanca de Barrio	Sanidad
PC-220	206	MICROPLASTICOS	PREVIA	3 - SOSTENIBILIDAD	PC-220 Texto inicial 1	28/12/2016	Barak Rodriguez	Medio Ambiente
PC-221	207	TUNELES Y VIADUCTOS	ESCRITA	2 - PORTAVOZ INTERNACIONAL	PC-221 Texto inicial 1	29/12/2016	Blanquelabo	Fomento
PC-222	208	MUJERES EN EL MEDIO RURAL	PREVIA	1 - CDIG-EEN-POLITICA	PC-222 Texto inicial 1	29/12/2016	Bolardo	Igualdad
PC-223	209	AVALES PUBLICOS	ESCRITA	4 - SEGUIMIENTO LEGISLATIVO	PC-223 Texto inicial 1	30/12/2016	Barak Fernández	Hacienda
PC-224	210	OFTALMOLOGIA	PREVIA	5 - PROTECCION SOCIAL	PC-224 Texto inicial 1	30/12/2016	Blanca del Castillo	Sanidad
PC-225	211	CALIDAD INDUSTRIAL	ESCRITA	3 - SOSTENIBILIDAD	PC-225 Texto inicial 1	31/12/2016	Bolardo	Industria
PC-226	212	TRADICIONES POPULARES	PREVIA	2 - PORTAVOZ INTERNACIONAL	PC-226 Texto inicial 1	31/12/2016	Blanquelabo	Cultura
PC-227	213	FRUTICULTURA	ESCRITA	1 - CDIG-EEN-POLITICA	PC-227 Texto inicial 1	01/01/2017	Barak	Agricultura
PC-228	214	EVALUACION EDUCATIVA	PREVIA	4 - SEGUIMIENTO LEGISLATIVO	PC-228 Texto inicial 1	01/01/2017	Bolardo	Educación
PC-229	215	SALUD AMBIENTAL	ESCRITA	5 - PROTECCION SOCIAL	PC-229 Texto inicial 1	02/01/2017	Blanca de Barrio	Sanidad
PC-230	216	PLAN FORESTAL	PREVIA	3 - SOSTENIBILIDAD	PC-230 Texto inicial 1	02/01/2017	Barak Rodriguez	Medio Ambiente
PC-231	217	APARCAMIENTOS DISUASORIOS	ESCRITA	2 - PORTAVOZ INTERNACIONAL	PC-231 Texto inicial 1	03/01/2017	Blanquelabo	Fomento
PC-232	218	LENGUAJE NO SEXISTA	PREVIA	1 - CDIG-EEN-POLITICA	PC-232 Texto inicial 1	03/01/2017	Bolardo	Igualdad
PC-233	219	INGRESOS EXTRAORDINARIOS	ESCRITA	4 - SEGUIMIENTO LEGISLATIVO	PC-233 Texto inicial 1	04/01/2017	Barak Fernández	Hacienda
PC-234	220	NEUROLOGIA	PREVIA	5 - PROTECCION SOCIAL	PC-234 Texto inicial 1	04/01/2017	Blanca del Castillo	Sanidad
PC-235	221	DESCARBONIZACION	ESCRITA	3 - SOSTENIBILIDAD	PC-235 Texto inicial 1	05/01/2017	Bolardo	Industria
PC-236	222	EDITORIALES LOCALES	PREVIA	2 - PORTAVOZ INTERNACIONAL	PC-236 Texto inicial 1	05/01/2017	Blanquelabo	Cultura
PC-237	223	PASTOS COMUNALES	ESCRITA	1 - CDIG-EEN-POLITICA	PC-237 Texto inicial 1	06/01/2017	Barak	Agricultura
PC-238	224	AULAS MENTORAS	PREVIA	4 - SEGUIMIENTO LEGISLATIVO	PC-238 Texto inicial 1	06/01/2017	Bolardo	Educación
PC-239	225	CARDIOLOGIA	ESCRITA	5 - PROTECCION SOCIAL	PC-239 Texto inicial 1	07/01/2017	Blanca de Barrio	Sanidad
PC-240	226	AGUAS SUBTERRANEAS	PREVIA	3 - SOSTENIBILIDAD	PC-240 Texto inicial 1	07/01/2017	Barak Rodriguez	Medio Ambiente
PC-241	227	MANTENIMIENTO DE CARRETERAS	ESCRITA	2 - PORTAVOZ INTERNACIONAL	PC-241 Texto inicial 1	08/01/2017	Blanquelabo	Fomento
PC-242	228	PARIDAD EN ORGANOS DIRECTIVOS	PREVIA	1 - CDIG-EEN-POLITICA	PC-242 Texto inicial 1	08/01/2017	Bolardo	Igualdad
PC-243	229	REGLA DE GASTO	ESCRITA	4 - SEGUIMIENTO LEGISLATIVO	PC-243 Texto inicial 1	09/01/2017	Barak Fernández	Hacienda
PC-244	230	SALUD MENTAL INFANTOJUVENIL	PREVIA	5 - PROTECCION SOCIAL	PC-244 Texto inicial 1	09/01/2017	Blanca del Castillo	Sanidad
PC-245	231	RESIDUOS INDUSTRIALES	ESCRITA	3 - SOSTENIBILIDAD	PC-245 Texto inicial 1	10/01/2017	Bolardo	Industria
PC-246	232	ESPACIOS DE CREACION	PREVIA	2 - PORTAVOZ INTERNACIONAL	PC-246 Texto inicial 1	10/01/2017	Blanquelabo	Cultura
PC-247	233	SANIDAD VEGETAL	ESCRITA	1 - CDIG-EEN-POLITICA	PC-247 Texto inicial 1	11/01/2017	Barak	Agricultura
PC-248	234	EDUCACION FINANCIERA	PREVIA	4 - SEGUIMIENTO LEGISLATIVO	PC-248 Texto inicial 1	11/01/2017	Bolardo	Educación
PC-249	235	LABORATORIOS CLINICOS	ESCRITA	5 - PROTECCION SOCIAL	PC-249 Texto inicial 1	12/01/2017	Blanca de Barrio	Sanidad
PC-250	236	CORREDORES ECOLOGICOS	PREVIA	3 - SOSTENIBILIDAD	PC-250 Texto inicial 1	12/01/2017	Barak Rodriguez	Medio Ambiente
PC-251	237	SEÑALIZACION VIARIA	ESCRITA	2 - PORTAVOZ INTERNACIONAL	PC-251 Texto inicial 1	13/01/2017	Blanquelabo	Fomento
PC-252	238	EMPRENDIMIENTO FEMENINO	PREVIA	1 - CDIG-EEN-POLITICA	PC-252 Texto inicial 1	13/01/2017	Bolardo	Igualdad
PC-253	239	MODIFICACIONES PRESUPUESTARIAS	ESCRITA	4 - SEGUIMIENTO LEGISLATIVO	PC-253 Texto inicial 1	14/01/2017	Barak Fernández	Hacienda
PC-254	240	MEDICINA DEPORTIVA	PREVIA	5 - PROTECCION SOCIAL	PC-254 Texto inicial 1	14/01/2017	Blanca del Castillo	Sanidad
PC-255	241	INNOVACION INDUSTRIAL	ESCRITA	3 - SOSTENIBILIDAD	PC-255 Texto inicial 1	15/01/2017	Bolardo	Industria
PC-256	242	MEMORIA HISTORICA	PREVIA	2 - PORTAVOZ INTERNACIONAL	PC-256 Texto inicial 1	15/01/2017	Blanquelabo	Cultura
PC-257	243	REGISTRO DE EXPLOTACIONES	ESCRITA	1 - CDIG-EEN-POLITICA	PC-257 Texto inicial 1	16/01/2017	Barak	Agricultura
PC-258	244	CONVIVENCIA ESCOLAR	PREVIA	4 - SEGUIMIENTO LEGISLATIVO	PC-258 Texto inicial 1	16/01/2017	Bolardo	Educación
PC-259	245	RADIOLOGIA	ESCRITA	5 - PROTECCION SOCIAL	PC-259 Texto inicial 1	17/01/2017	Blanca de Barrio	Sanidad
PC-260	246	EDUCACION AMBIENTAL	PREVIA	3 - SOSTENIBILIDAD	PC-260 Texto inicial 1	17/01/2017	Barak Rodriguez	Medio Ambiente
PC-261	247	TRAMOS DE CONCENTRACION DE ACCIDENTES	ESCRITA	2 - PORTAVOZ INTERNACIONAL	PC-261 Texto inicial 1	18/01/2017	Blanquelabo	Fomento
PC-262	248	LGTBI Y DIVERSIDAD	PREVIA	1 - CDIG-EEN-POLITICA	PC-262 Texto inicial 1	18/01/2017	Bolardo	Igualdad
PC-263	249	GASTO SOCIAL	ESCRITA	4 - SEGUIMIENTO LEGISLATIVO	PC-263 Texto inicial 1	19/01/2017	Barak Fernández	Hacienda
PC-264	250	URGENCIAS PEDIATRICAS	PREVIA	5 - PROTECCION SOCIAL	PC-264 Texto inicial 1	19/01/2017	Blanca del Castillo	Sanidad
PC-265	251	SUELO INDUSTRIAL	ESCRITA	3 - SOSTENIBILIDAD	PC-265 Texto inicial 1	20/01/2017	Bolardo	Industria
PC-266	252	PATRIMONIO INDUSTRIAL	PREVIA	2 - PORTAVOZ INTERNACIONAL	PC-266 Texto inicial 1	20/01/2017	Blanquelabo	Cultura
PC-267	253	ENOTURISMO	ESCRITA	1 - CDIG-EEN-POLITICA	PC-267 Texto inicial 1	21/01/2017	Barak	Agricultura
PC-268	254	FP A DISTANCIA	PREVIA	4 - SEGUIMIENTO LEGISLATIVO	PC-268 Texto inicial 1	21/01/2017	Bolardo	Educación
PC-269	255	CONTINUIDAD ASISTENCIAL	ESCRITA	5 - PROTECCION SOCIAL	PC-269 Texto inicial 1	22/01/2017	Blanca de Barrio	Sanidad
PC-270	256	CALIDAD PAISAJISTICA	PREVIA	3 - SOSTENIBILIDAD	PC-270 Texto inicial 1	22/01/2017	Barak Rodriguez	Medio Ambiente
PC-271	257	AEROPUERTO Y CONECTIVIDAD	ESCRITA	2 - PORTAVOZ INTERNACIONAL	PC-271 Texto inicial 1	23/01/2017	Blanquelabo	Fomento
PC-272	258	TRATA DE PERSONAS	PREVIA	1 - CDIG-EEN-POLITICA	PC-272 Texto inicial 1	23/01/2017	Bolardo	Igualdad
PC-273	259	PERIODO MEDIO DE PAGO A PROVEEDORES	ESCRITA	4 - SEGUIMIENTO LEGISLATIVO	PC-273 Texto inicial 1	24/01/2017	Barak Fernández	Hacienda
PC-274	260	CAMAS HOSPITALARIAS	PREVIA	5 - PROTECCION SOCIAL	PC-274 Texto inicial 1	24/01/2017	Blanca del Castillo	Sanidad
PC-275	261	ENERGIA EOLICA	ESCRITA	3 - SOSTENIBILIDAD	PC-275 Texto inicial 1	25/01/2017	Bolardo	Industria
PC-276	262	RED DE MUSEOS	PREVIA	2 - PORTAVOZ INTERNACIONAL	PC-276 Texto inicial 1	25/01/2017	Blanquelabo	Cultura
PC-277	263	REGADIO SOSTENIBLE	ESCRITA	1 - CDIG-EEN-POLITICA	PC-277 Texto inicial 1	26/01/2017	Barak	Agricultura
PC-278	264	MATERIAL ESCOLAR GRATUITO	PREVIA	4 - SEGUIMIENTO LEGISLATIVO	PC-278 Texto inicial 1	26/01/2017	Bolardo	Educación
